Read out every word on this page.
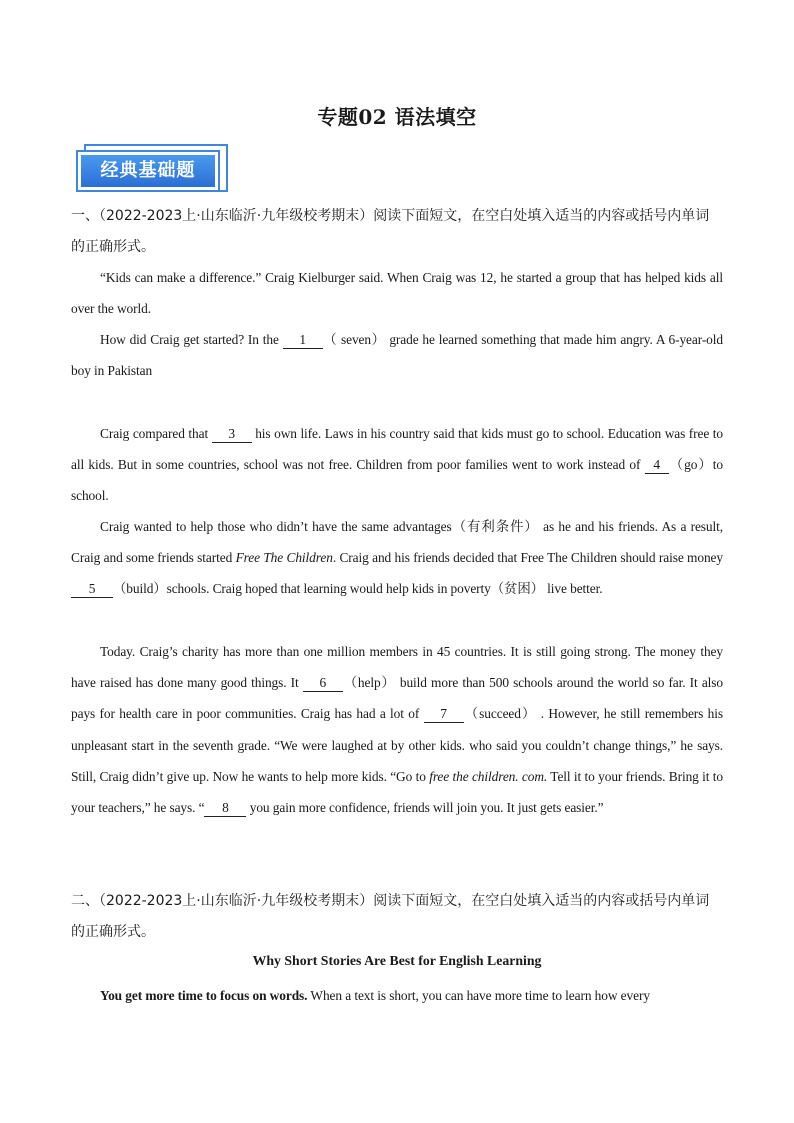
专题02 语法填空
经典基础题
一、（2022-2023上·山东临沂·九年级校考期末）阅读下面短文，在空白处填入适当的内容或括号内单词的正确形式。
“Kids can make a difference.” Craig Kielburger said. When Craig was 12, he started a group that has helped kids all over the world.
How did Craig get started? In the 1 （ seven） grade he learned something that made him angry. A 6-year-old boy in Pakistan
Craig compared that 3 his own life. Laws in his country said that kids must go to school. Education was free to all kids. But in some countries, school was not free. Children from poor families went to work instead of 4 （go）to school.
Craig wanted to help those who didn’t have the same advantages（有利条件） as he and his friends. As a result, Craig and some friends started Free The Children. Craig and his friends decided that Free The Children should raise money 5 （build）schools. Craig hoped that learning would help kids in poverty（贫困） live better.
Today. Craig’s charity has more than one million members in 45 countries. It is still going strong. The money they have raised has done many good things. It 6 （help） build more than 500 schools around the world so far. It also pays for health care in poor communities. Craig has had a lot of 7 （succeed） . However, he still remembers his unpleasant start in the seventh grade. “We were laughed at by other kids. who said you couldn’t change things,” he says. Still, Craig didn’t give up. Now he wants to help more kids. “Go to free the children. com. Tell it to your friends. Bring it to your teachers,” he says. “ 8 you gain more confidence, friends will join you. It just gets easier.”
二、（2022-2023上·山东临沂·九年级校考期末）阅读下面短文，在空白处填入适当的内容或括号内单词的正确形式。
Why Short Stories Are Best for English Learning
You get more time to focus on words. When a text is short, you can have more time to learn how every
